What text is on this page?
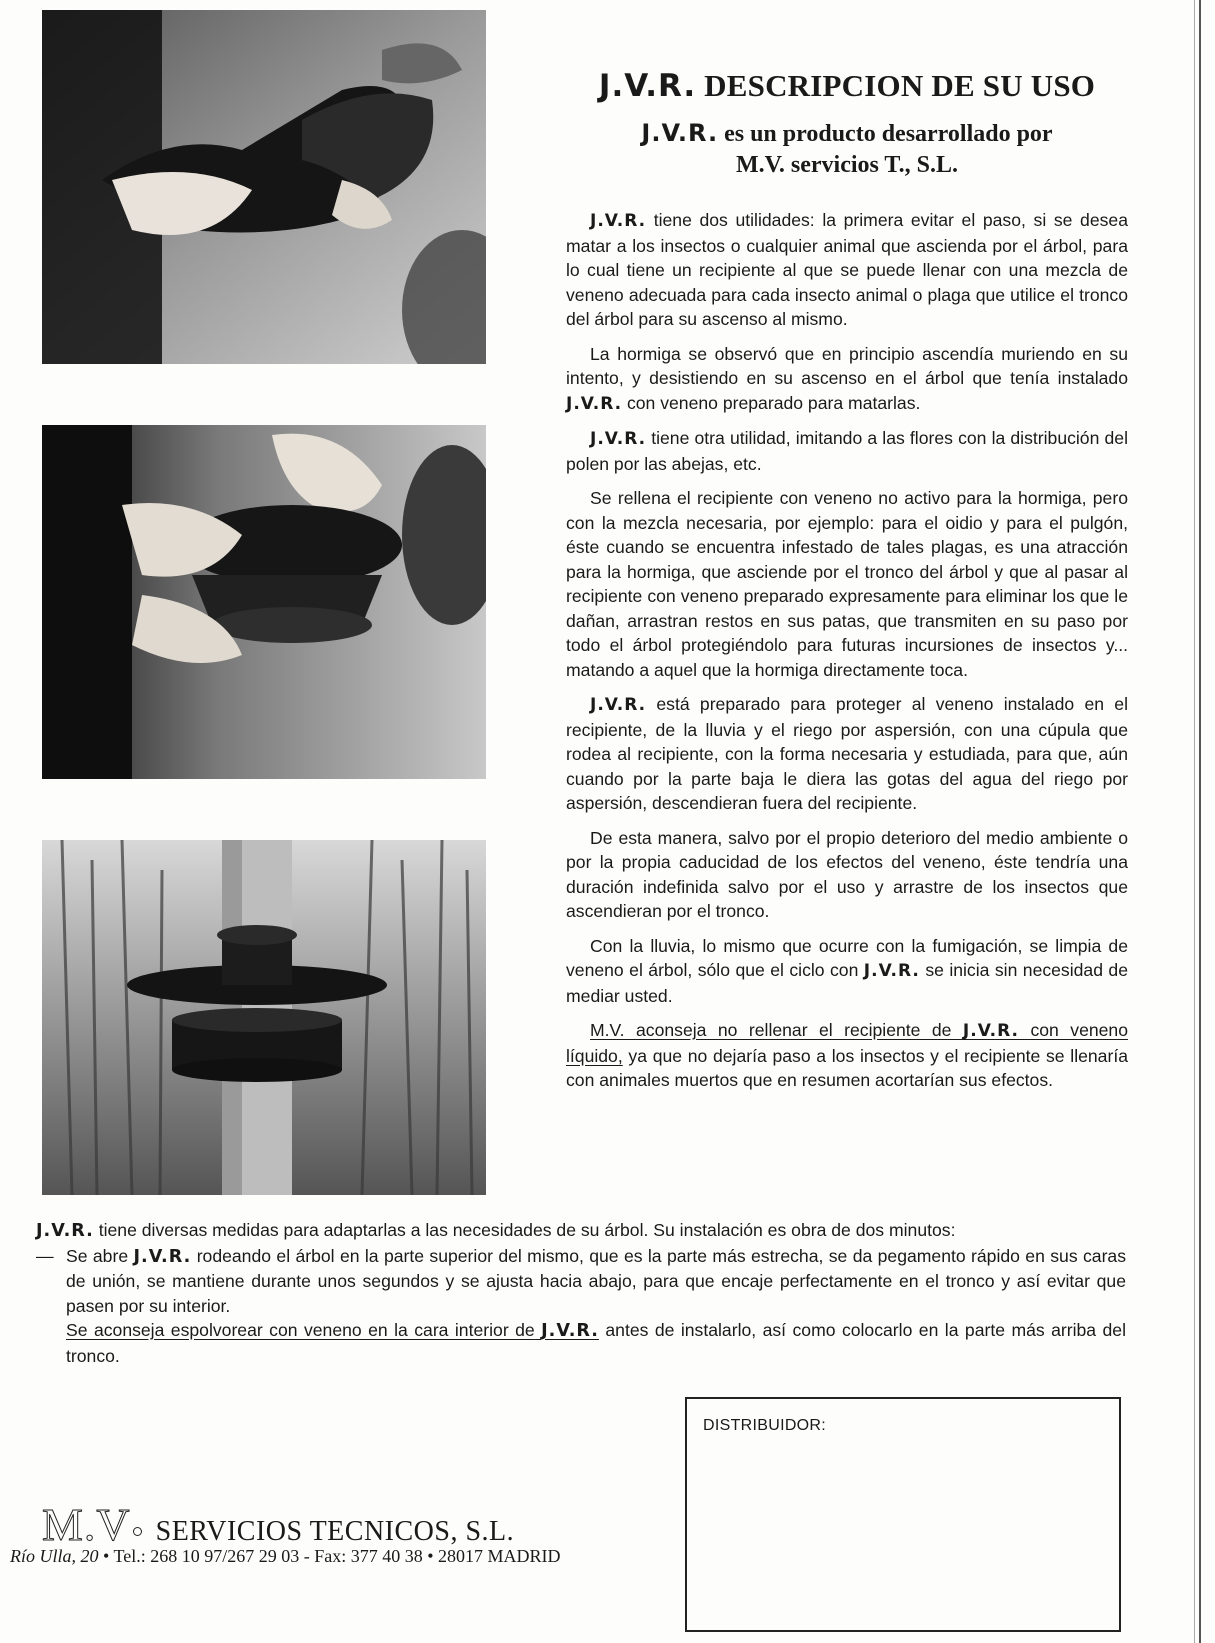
J.V.R. DESCRIPCION DE SU USO
J.V.R. es un producto desarrollado por
M.V. servicios T., S.L.

J.V.R. tiene dos utilidades: la primera evitar el paso, si se desea matar a los insectos o cualquier animal que ascienda por el árbol, para lo cual tiene un recipiente al que se puede llenar con una mezcla de veneno adecuada para cada insecto animal o plaga que utilice el tronco del árbol para su ascenso al mismo.

La hormiga se observó que en principio ascendía muriendo en su intento, y desistiendo en su ascenso en el árbol que tenía instalado J.V.R. con veneno preparado para matarlas.

J.V.R. tiene otra utilidad, imitando a las flores con la distribución del polen por las abejas, etc.

Se rellena el recipiente con veneno no activo para la hormiga, pero con la mezcla necesaria, por ejemplo: para el oidio y para el pulgón, éste cuando se encuentra infestado de tales plagas, es una atracción para la hormiga, que asciende por el tronco del árbol y que al pasar al recipiente con veneno preparado expresamente para eliminar los que le dañan, arrastran restos en sus patas, que transmiten en su paso por todo el árbol protegiéndolo para futuras incursiones de insectos y... matando a aquel que la hormiga directamente toca.

J.V.R. está preparado para proteger al veneno instalado en el recipiente, de la lluvia y el riego por aspersión, con una cúpula que rodea al recipiente, con la forma necesaria y estudiada, para que, aún cuando por la parte baja le diera las gotas del agua del riego por aspersión, descendieran fuera del recipiente.

De esta manera, salvo por el propio deterioro del medio ambiente o por la propia caducidad de los efectos del veneno, éste tendría una duración indefinida salvo por el uso y arrastre de los insectos que ascendieran por el tronco.

Con la lluvia, lo mismo que ocurre con la fumigación, se limpia de veneno el árbol, sólo que el ciclo con J.V.R. se inicia sin necesidad de mediar usted.

M.V. aconseja no rellenar el recipiente de J.V.R. con veneno líquido, ya que no dejaría paso a los insectos y el recipiente se llenaría con animales muertos que en resumen acortarían sus efectos.

J.V.R. tiene diversas medidas para adaptarlas a las necesidades de su árbol. Su instalación es obra de dos minutos:

— Se abre J.V.R. rodeando el árbol en la parte superior del mismo, que es la parte más estrecha, se da pegamento rápido en sus caras de unión, se mantiene durante unos segundos y se ajusta hacia abajo, para que encaje perfectamente en el tronco y así evitar que pasen por su interior.
Se aconseja espolvorear con veneno en la cara interior de J.V.R. antes de instalarlo, así como colocarlo en la parte más arriba del tronco.
DISTRIBUIDOR:
M.V SERVICIOS TECNICOS, S.L.
Río Ulla, 20 • Tel.: 268 10 97/267 29 03 - Fax: 377 40 38 • 28017 MADRID
